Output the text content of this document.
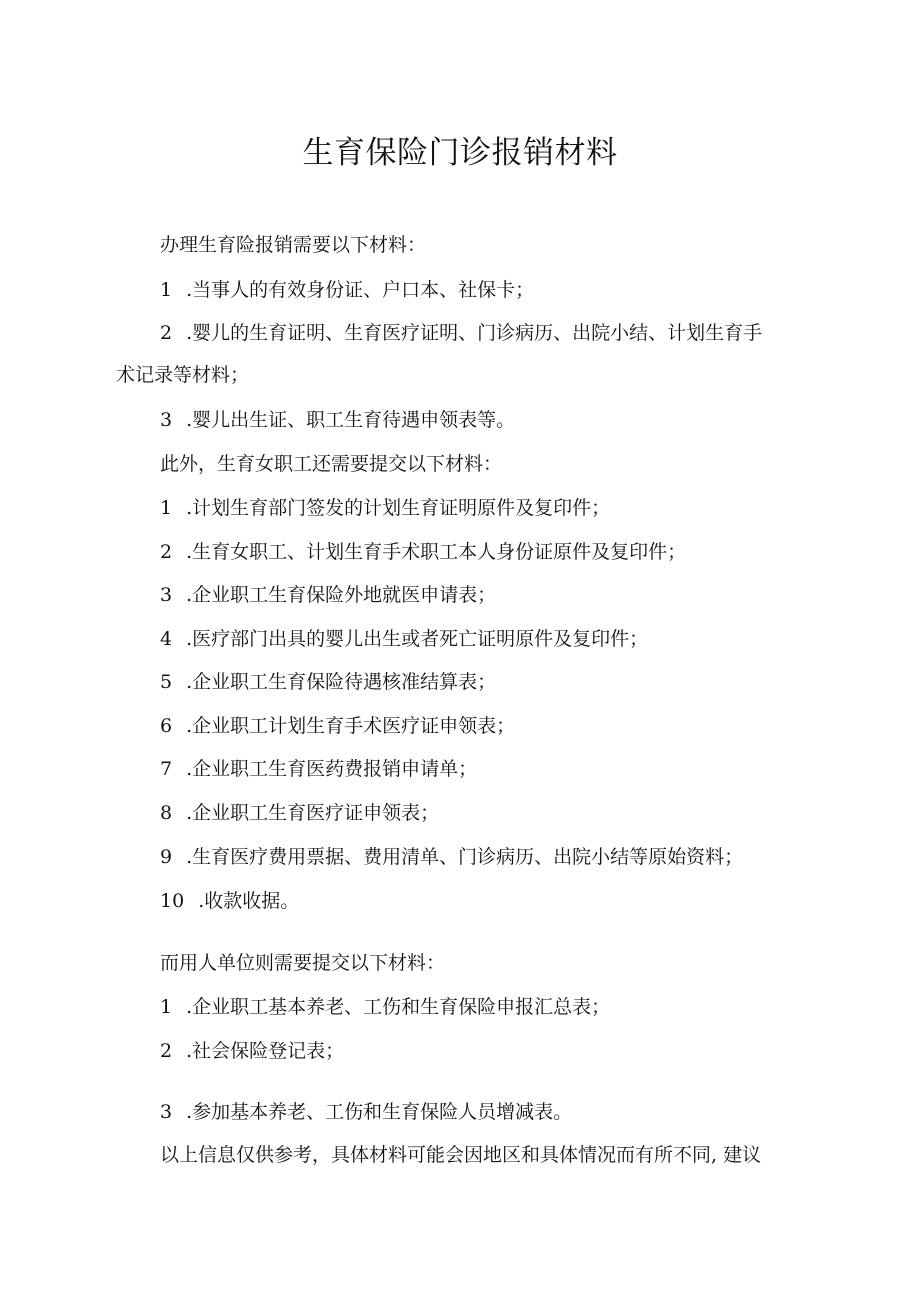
生育保险门诊报销材料
办理生育险报销需要以下材料：
1 .当事人的有效身份证、户口本、社保卡；
2 .婴儿的生育证明、生育医疗证明、门诊病历、出院小结、计划生育手
术记录等材料；
3 .婴儿出生证、职工生育待遇申领表等。
此外，生育女职工还需要提交以下材料：
1 .计划生育部门签发的计划生育证明原件及复印件；
2 .生育女职工、计划生育手术职工本人身份证原件及复印件；
3 .企业职工生育保险外地就医申请表；
4 .医疗部门出具的婴儿出生或者死亡证明原件及复印件；
5 .企业职工生育保险待遇核准结算表；
6 .企业职工计划生育手术医疗证申领表；
7 .企业职工生育医药费报销申请单；
8 .企业职工生育医疗证申领表；
9 .生育医疗费用票据、费用清单、门诊病历、出院小结等原始资料；
10 .收款收据。
而用人单位则需要提交以下材料：
1 .企业职工基本养老、工伤和生育保险申报汇总表；
2 .社会保险登记表；
3 .参加基本养老、工伤和生育保险人员增减表。
以上信息仅供参考，具体材料可能会因地区和具体情况而有所不同, 建议
